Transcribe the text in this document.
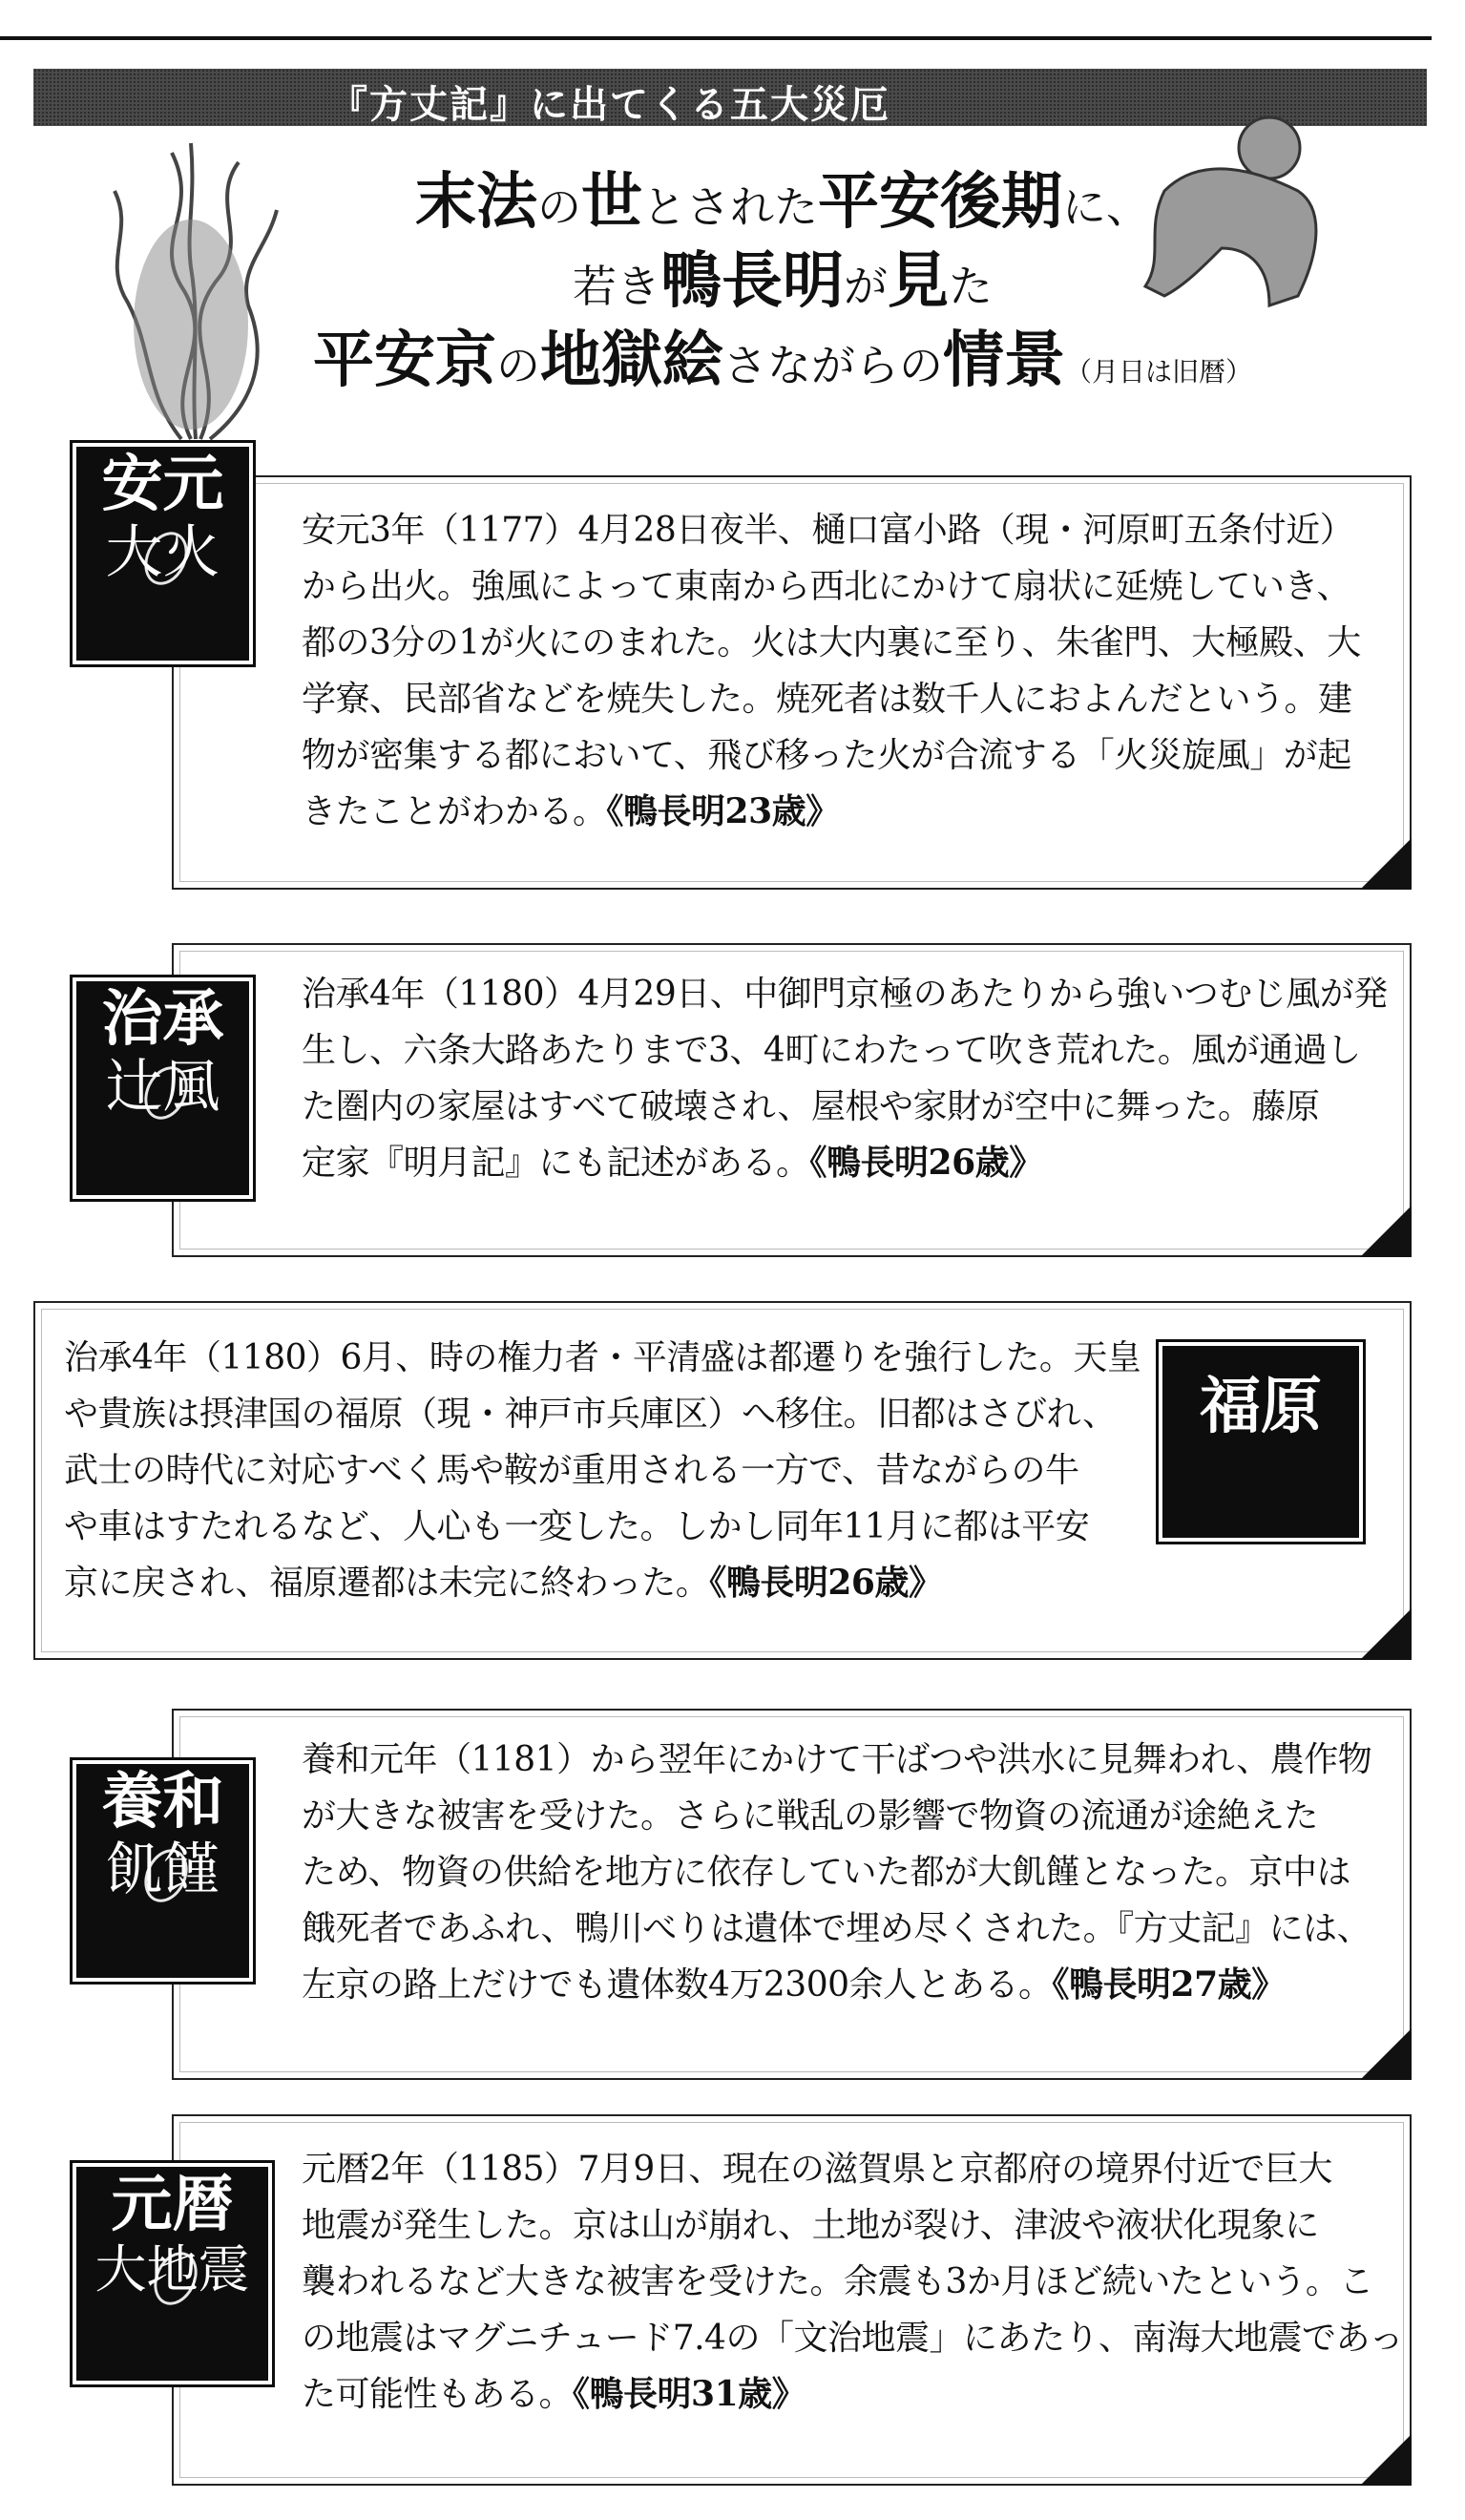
『方丈記』に出てくる五大災厄
末法の世とされた平安後期に、
若き鴨長明が見た
平安京の地獄絵さながらの情景（月日は旧暦）
安元3年（1177）4月28日夜半、樋口富小路（現・河原町五条付近）
から出火。強風によって東南から西北にかけて扇状に延焼していき、
都の3分の1が火にのまれた。火は大内裏に至り、朱雀門、大極殿、大
学寮、民部省などを焼失した。焼死者は数千人におよんだという。建
物が密集する都において、飛び移った火が合流する「火災旋風」が起
きたことがわかる。《鴨長明23歳》
安元
大火
治承4年（1180）4月29日、中御門京極のあたりから強いつむじ風が発
生し、六条大路あたりまで3、4町にわたって吹き荒れた。風が通過し
た圏内の家屋はすべて破壊され、屋根や家財が空中に舞った。藤原
定家『明月記』にも記述がある。《鴨長明26歳》
治承
辻風
治承4年（1180）6月、時の権力者・平清盛は都遷りを強行した。天皇
や貴族は摂津国の福原（現・神戸市兵庫区）へ移住。旧都はさびれ、
武士の時代に対応すべく馬や鞍が重用される一方で、昔ながらの牛
や車はすたれるなど、人心も一変した。しかし同年11月に都は平安
京に戻され、福原遷都は未完に終わった。《鴨長明26歳》
福原
養和元年（1181）から翌年にかけて干ばつや洪水に見舞われ、農作物
が大きな被害を受けた。さらに戦乱の影響で物資の流通が途絶えた
ため、物資の供給を地方に依存していた都が大飢饉となった。京中は
餓死者であふれ、鴨川べりは遺体で埋め尽くされた。『方丈記』には、
左京の路上だけでも遺体数4万2300余人とある。《鴨長明27歳》
養和
飢饉
元暦2年（1185）7月9日、現在の滋賀県と京都府の境界付近で巨大
地震が発生した。京は山が崩れ、土地が裂け、津波や液状化現象に
襲われるなど大きな被害を受けた。余震も3か月ほど続いたという。こ
の地震はマグニチュード7.4の「文治地震」にあたり、南海大地震であっ
た可能性もある。《鴨長明31歳》
元暦
大地震
